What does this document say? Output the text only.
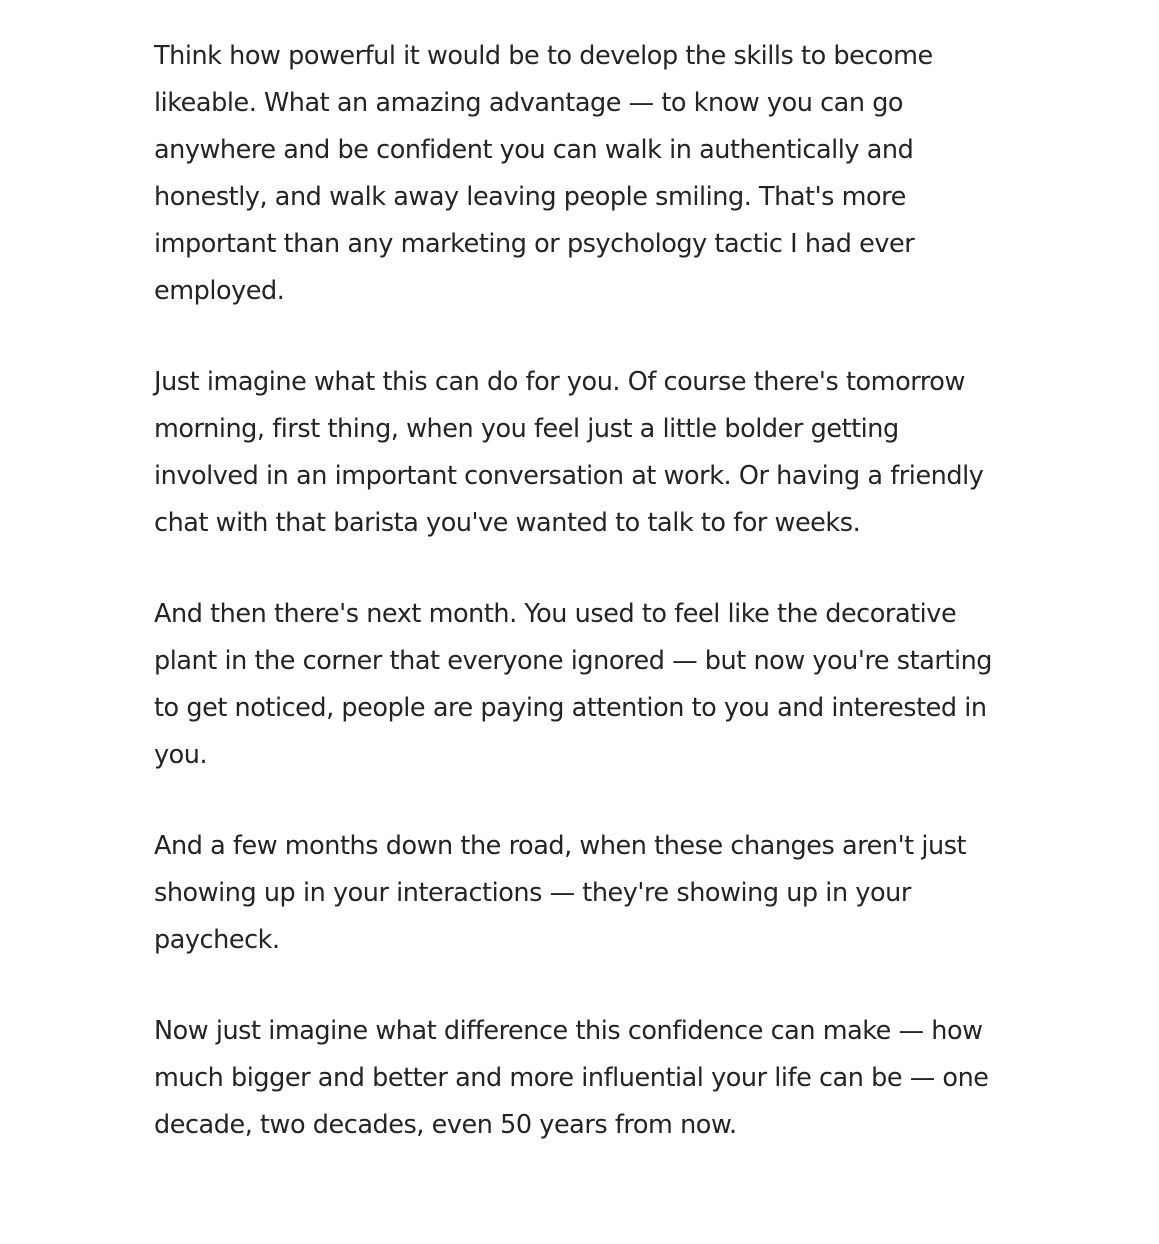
Think how powerful it would be to develop the skills to become likeable. What an amazing advantage — to know you can go anywhere and be confident you can walk in authentically and honestly, and walk away leaving people smiling. That's more important than any marketing or psychology tactic I had ever employed.

Just imagine what this can do for you. Of course there's tomorrow morning, first thing, when you feel just a little bolder getting involved in an important conversation at work. Or having a friendly chat with that barista you've wanted to talk to for weeks.

And then there's next month. You used to feel like the decorative plant in the corner that everyone ignored — but now you're starting to get noticed, people are paying attention to you and interested in you.

And a few months down the road, when these changes aren't just showing up in your interactions — they're showing up in your paycheck.

Now just imagine what difference this confidence can make — how much bigger and better and more influential your life can be — one decade, two decades, even 50 years from now.
